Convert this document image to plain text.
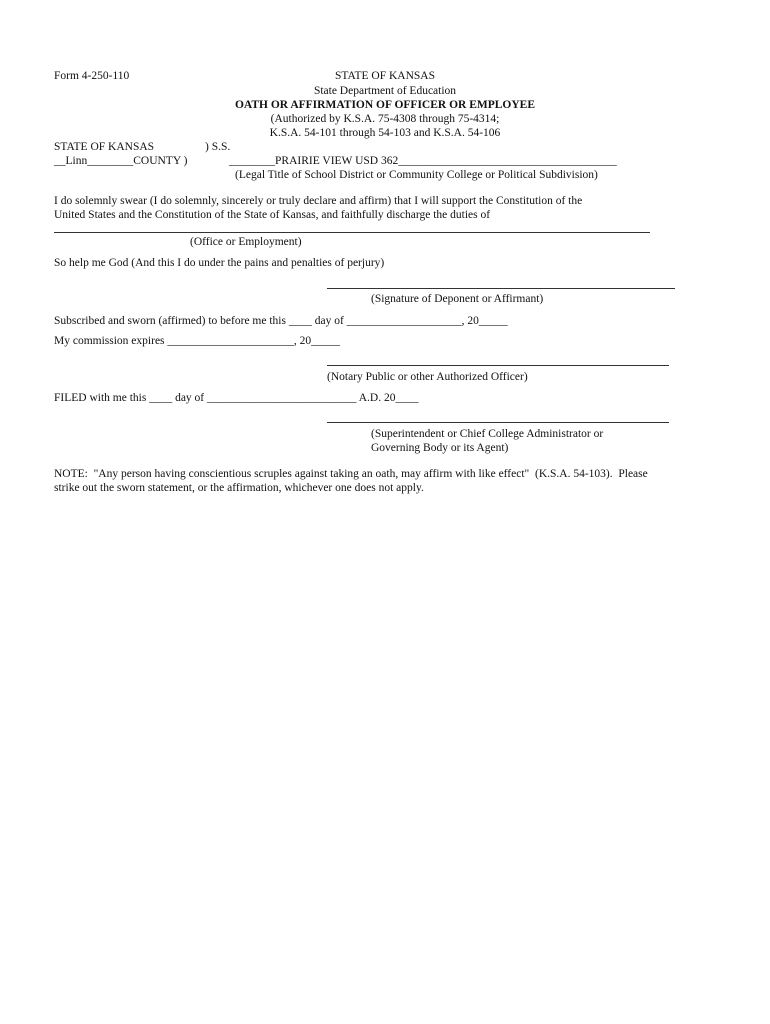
Form 4-250-110	STATE OF KANSAS
State Department of Education
OATH OR AFFIRMATION OF OFFICER OR EMPLOYEE
(Authorized by K.S.A. 75-4308 through 75-4314;
K.S.A. 54-101 through 54-103 and K.S.A. 54-106
STATE OF KANSAS	) S.S.
__Linn________COUNTY )	________PRAIRIE VIEW USD 362______________________________________
(Legal Title of School District or Community College or Political Subdivision)
I do solemnly swear (I do solemnly, sincerely or truly declare and affirm) that I will support the Constitution of the
United States and the Constitution of the State of Kansas, and faithfully discharge the duties of
(Office or Employment)
So help me God (And this I do under the pains and penalties of perjury)
(Signature of Deponent or Affirmant)
Subscribed and sworn (affirmed) to before me this ____ day of ____________________, 20_____
My commission expires ______________________, 20_____
(Notary Public or other Authorized Officer)
FILED with me this ____ day of __________________________ A.D. 20____
(Superintendent or Chief College Administrator or
Governing Body or its Agent)
NOTE:  "Any person having conscientious scruples against taking an oath, may affirm with like effect"  (K.S.A. 54-103).  Please
strike out the sworn statement, or the affirmation, whichever one does not apply.
